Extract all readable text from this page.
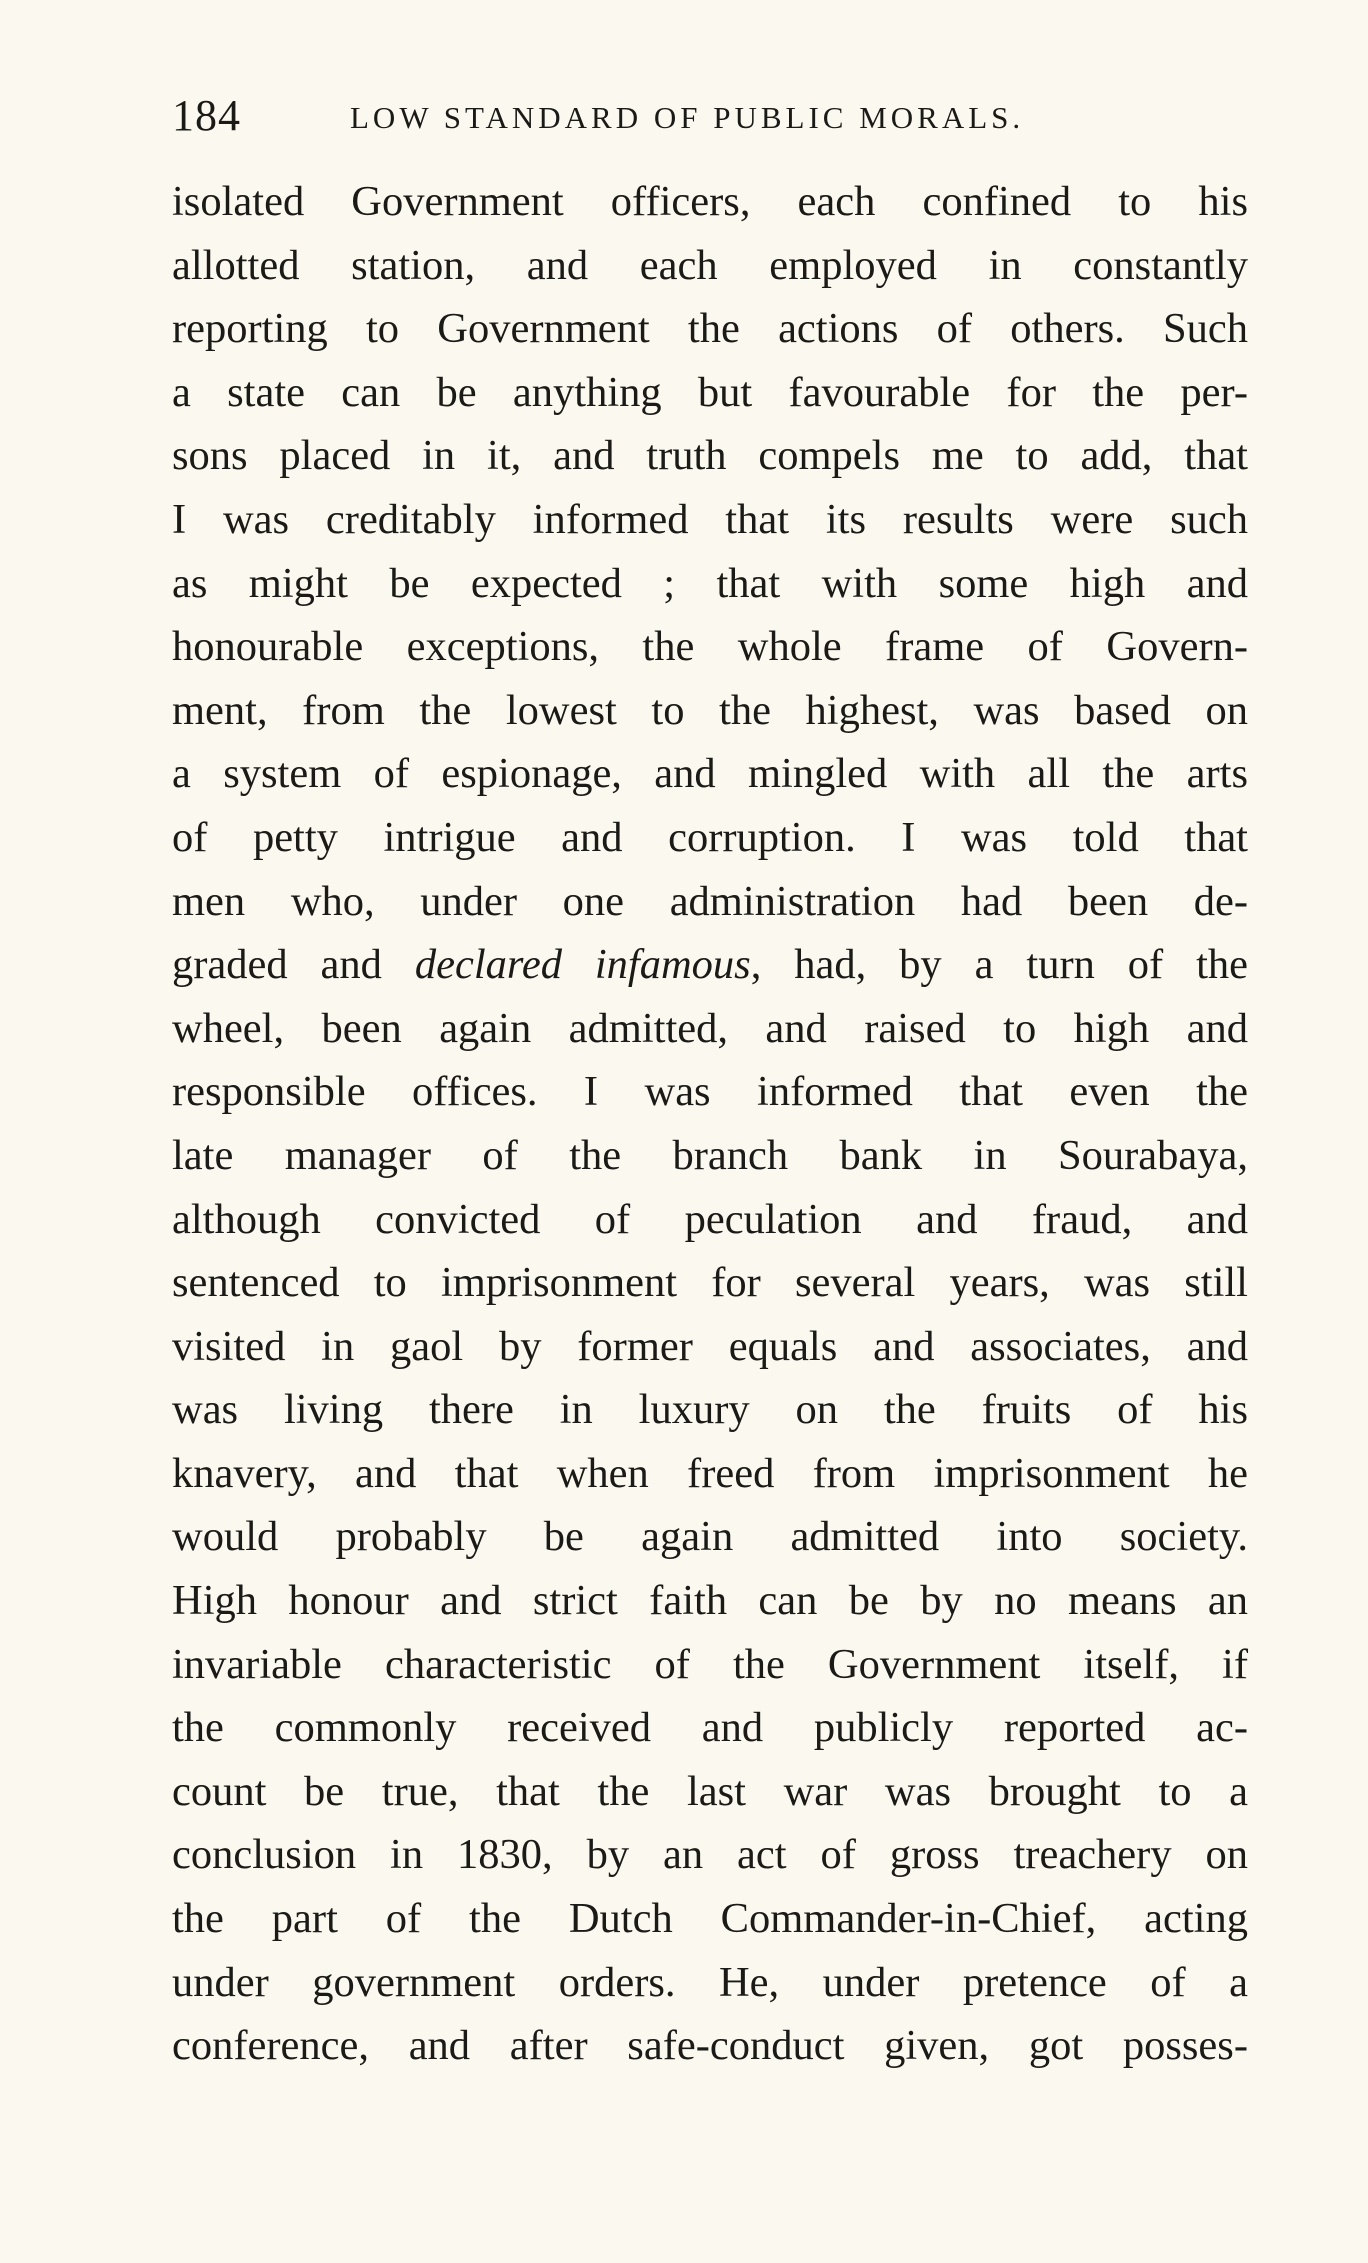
184	LOW STANDARD OF PUBLIC MORALS.
isolated Government officers, each confined to his
allotted station, and each employed in constantly
reporting to Government the actions of others. Such
a state can be anything but favourable for the per-
sons placed in it, and truth compels me to add, that
I was creditably informed that its results were such
as might be expected ; that with some high and
honourable exceptions, the whole frame of Govern-
ment, from the lowest to the highest, was based on
a system of espionage, and mingled with all the arts
of petty intrigue and corruption. I was told that
men who, under one administration had been de-
graded and declared infamous, had, by a turn of the
wheel, been again admitted, and raised to high and
responsible offices. I was informed that even the
late manager of the branch bank in Sourabaya,
although convicted of peculation and fraud, and
sentenced to imprisonment for several years, was still
visited in gaol by former equals and associates, and
was living there in luxury on the fruits of his
knavery, and that when freed from imprisonment he
would probably be again admitted into society.
High honour and strict faith can be by no means an
invariable characteristic of the Government itself, if
the commonly received and publicly reported ac-
count be true, that the last war was brought to a
conclusion in 1830, by an act of gross treachery on
the part of the Dutch Commander-in-Chief, acting
under government orders. He, under pretence of a
conference, and after safe-conduct given, got posses-
